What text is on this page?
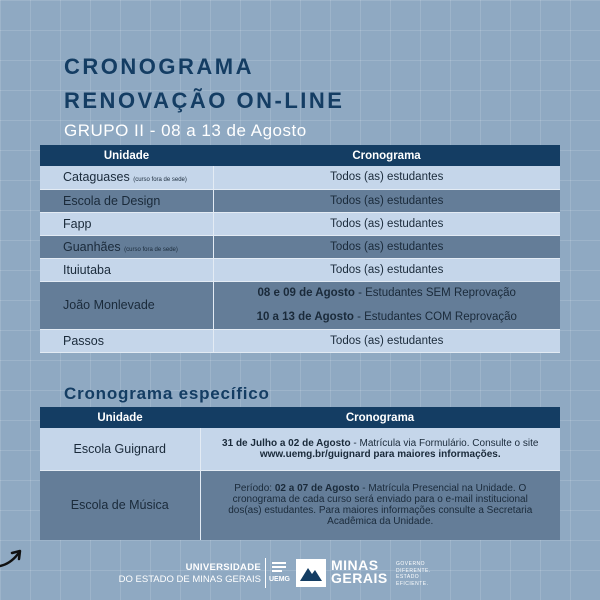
CRONOGRAMA
RENOVAÇÃO ON-LINE
GRUPO II - 08 a 13 de Agosto
Unidade	Cronograma
Cataguases (curso fora de sede)	Todos (as) estudantes
Escola de Design	Todos (as) estudantes
Fapp	Todos (as) estudantes
Guanhães (curso fora de sede)	Todos (as) estudantes
Ituiutaba	Todos (as) estudantes
João Monlevade	08 e 09 de Agosto - Estudantes SEM Reprovação
10 a 13 de Agosto - Estudantes COM Reprovação

Passos	Todos (as) estudantes
Cronograma específico
Unidade	Cronograma
Escola Guignard	31 de Julho a 02 de Agosto - Matrícula via Formulário. Consulte o site
www.uemg.br/guignard para maiores informações.
Escola de Música	Período: 02 a 07 de Agosto - Matrícula Presencial na Unidade. O cronograma de cada curso será enviado para o e-mail institucional dos(as) estudantes. Para maiores informações consulte a Secretaria Acadêmica da Unidade.
UNIVERSIDADE
DO ESTADO DE MINAS GERAIS UEMG
MINAS
GERAIS
GOVERNO
DIFERENTE.
ESTADO
EFICIENTE.
